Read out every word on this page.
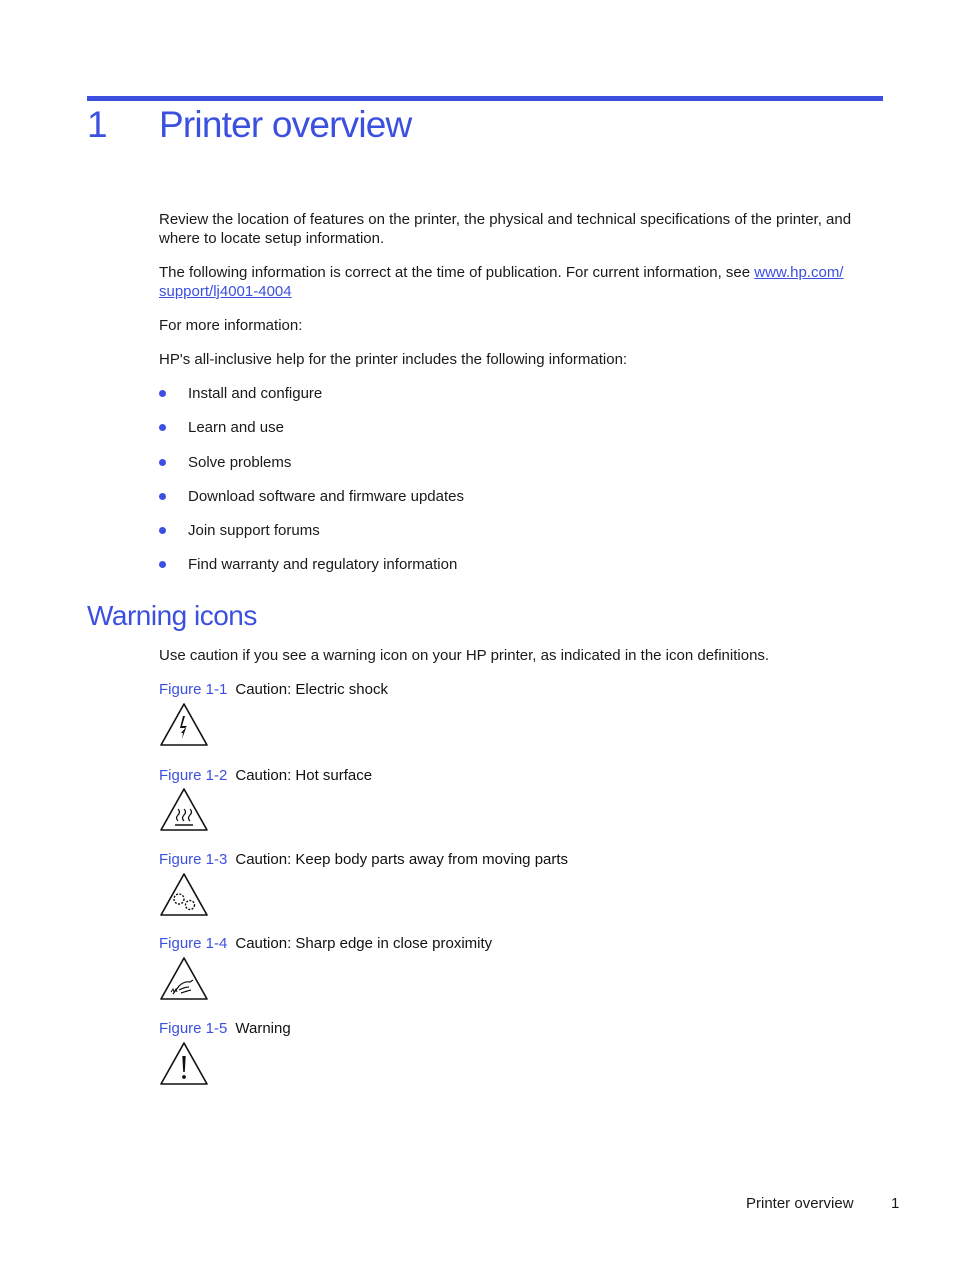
1 Printer overview

Review the location of features on the printer, the physical and technical specifications of the printer, and where to locate setup information.

The following information is correct at the time of publication. For current information, see www.hp.com/
support/lj4001-4004

For more information:

HP's all-inclusive help for the printer includes the following information:

Install and configure
Learn and use
Solve problems
Download software and firmware updates
Join support forums
Find warranty and regulatory information
Warning icons

Use caution if you see a warning icon on your HP printer, as indicated in the icon definitions.

Figure 1-1 Caution: Electric shock
Figure 1-2 Caution: Hot surface
Figure 1-3 Caution: Keep body parts away from moving parts
Figure 1-4 Caution: Sharp edge in close proximity
Figure 1-5 Warning
Printer overview 1
